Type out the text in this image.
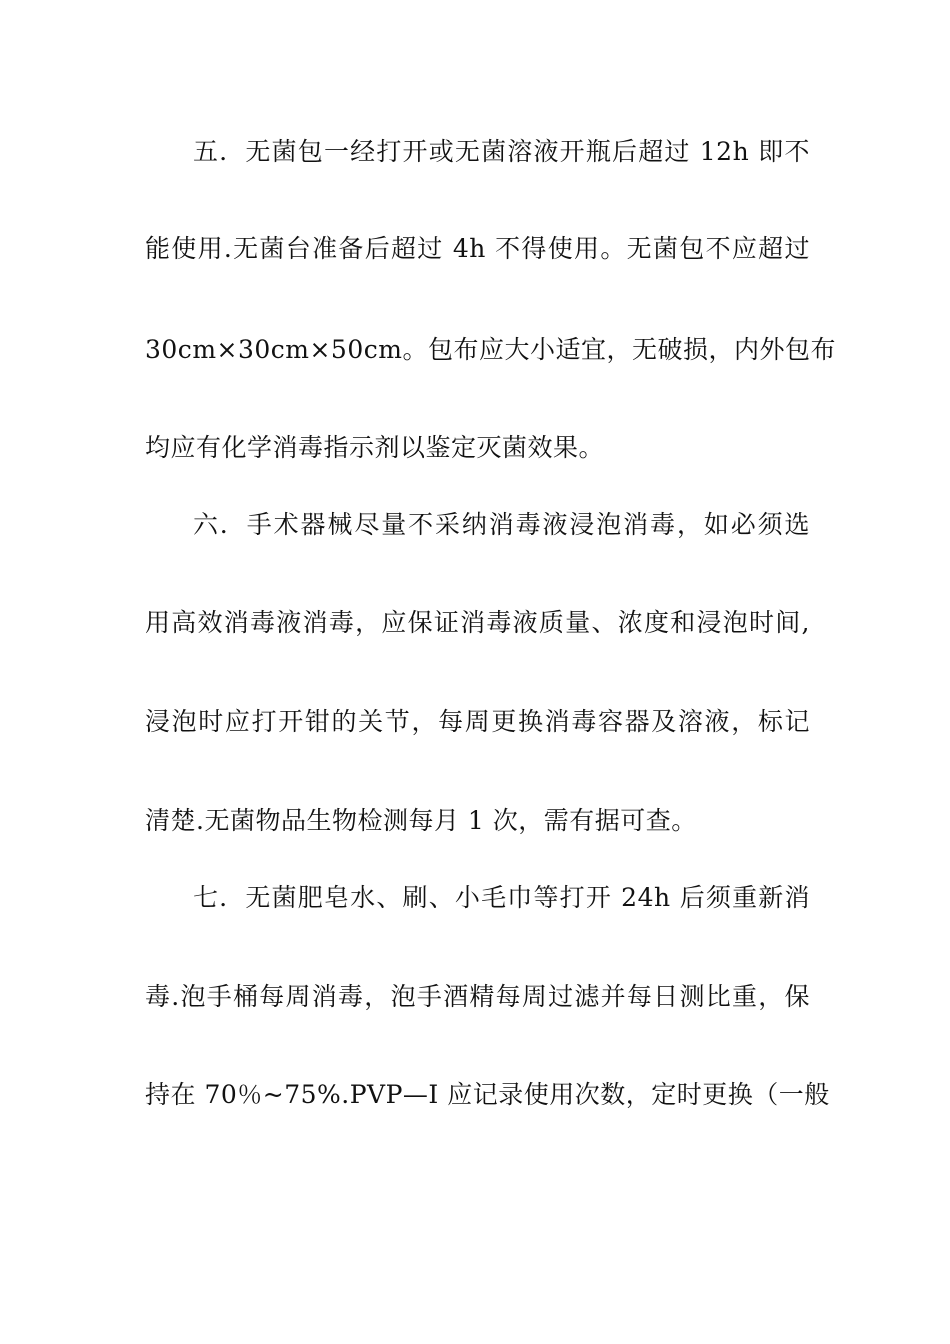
五．无菌包一经打开或无菌溶液开瓶后超过 12h 即不
能使用.无菌台准备后超过 4h 不得使用。无菌包不应超过
30cm×30cm×50cm。包布应大小适宜，无破损，内外包布
均应有化学消毒指示剂以鉴定灭菌效果。
六．手术器械尽量不采纳消毒液浸泡消毒，如必须选
用高效消毒液消毒，应保证消毒液质量、浓度和浸泡时间,
浸泡时应打开钳的关节，每周更换消毒容器及溶液，标记
清楚.无菌物品生物检测每月 1 次，需有据可查。
七．无菌肥皂水、刷、小毛巾等打开 24h 后须重新消
毒.泡手桶每周消毒，泡手酒精每周过滤并每日测比重，保
持在 70％~75%.PVP—I 应记录使用次数，定时更换（一般
